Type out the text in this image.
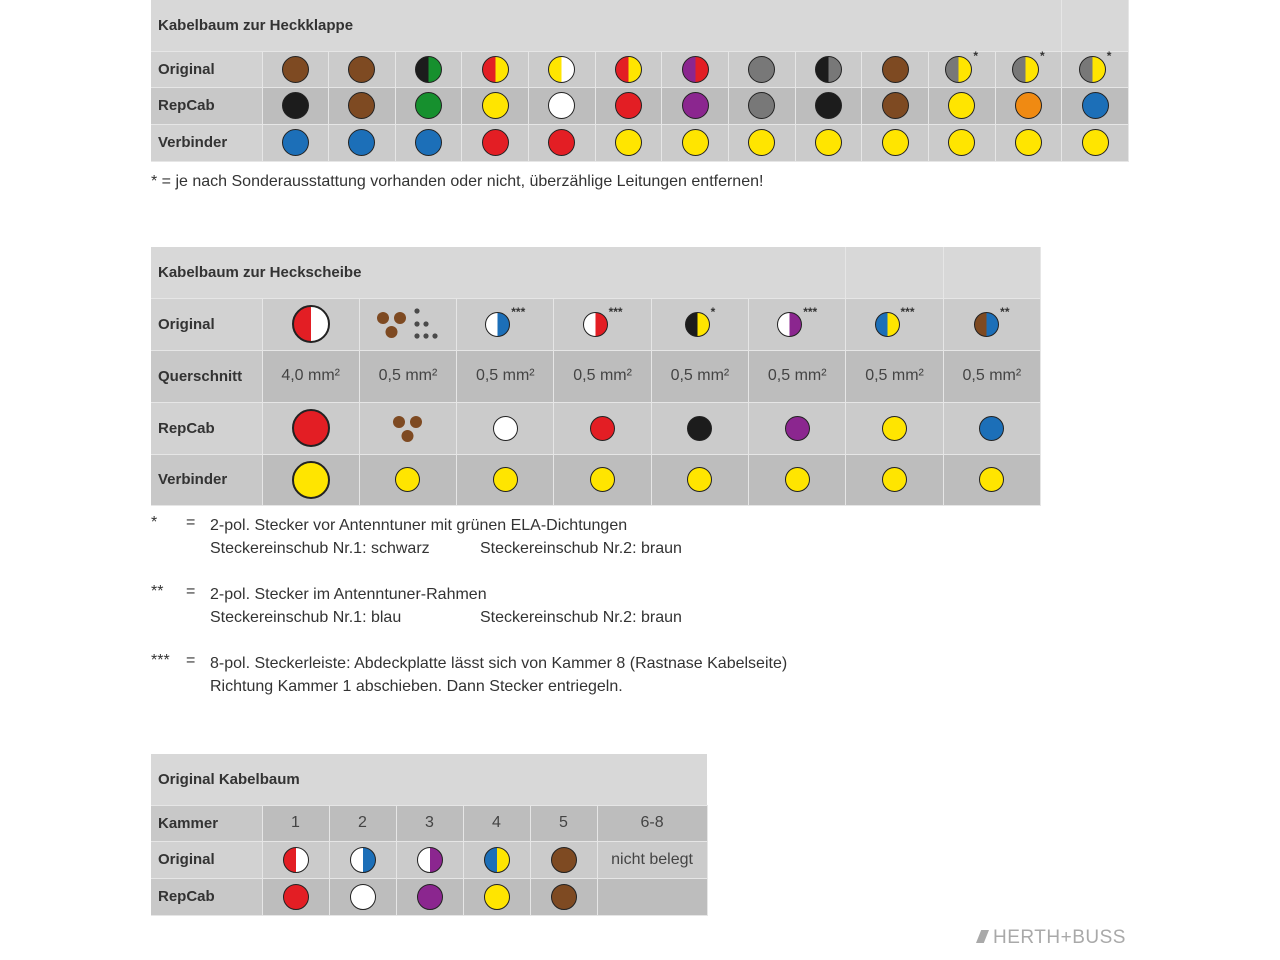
Kabelbaum zur Heckklappe													
Original											*	*	*
RepCab													
Verbinder													
* = je nach Sonderausstattung vorhanden oder nicht, überzählige Leitungen entfernen!
Kabelbaum zur Heckscheibe								
Original			***	***	*	***	***	**
Querschnitt	4,0 mm²	0,5 mm²	0,5 mm²	0,5 mm²	0,5 mm²	0,5 mm²	0,5 mm²	0,5 mm²
RepCab								
Verbinder								
* = 2-pol. Stecker vor Antenntuner mit grünen ELA-Dichtungen
Steckereinschub Nr.1: schwarz	Steckereinschub Nr.2: braun
** = 2-pol. Stecker im Antenntuner-Rahmen
Steckereinschub Nr.1: blau	Steckereinschub Nr.2: braun
*** = 8-pol. Steckerleiste: Abdeckplatte lässt sich von Kammer 8 (Rastnase Kabelseite)
Richtung Kammer 1 abschieben. Dann Stecker entriegeln.
Original Kabelbaum						
Kammer	1	2	3	4	5	6-8
Original						nicht belegt
RepCab						
HERTH+BUSS
